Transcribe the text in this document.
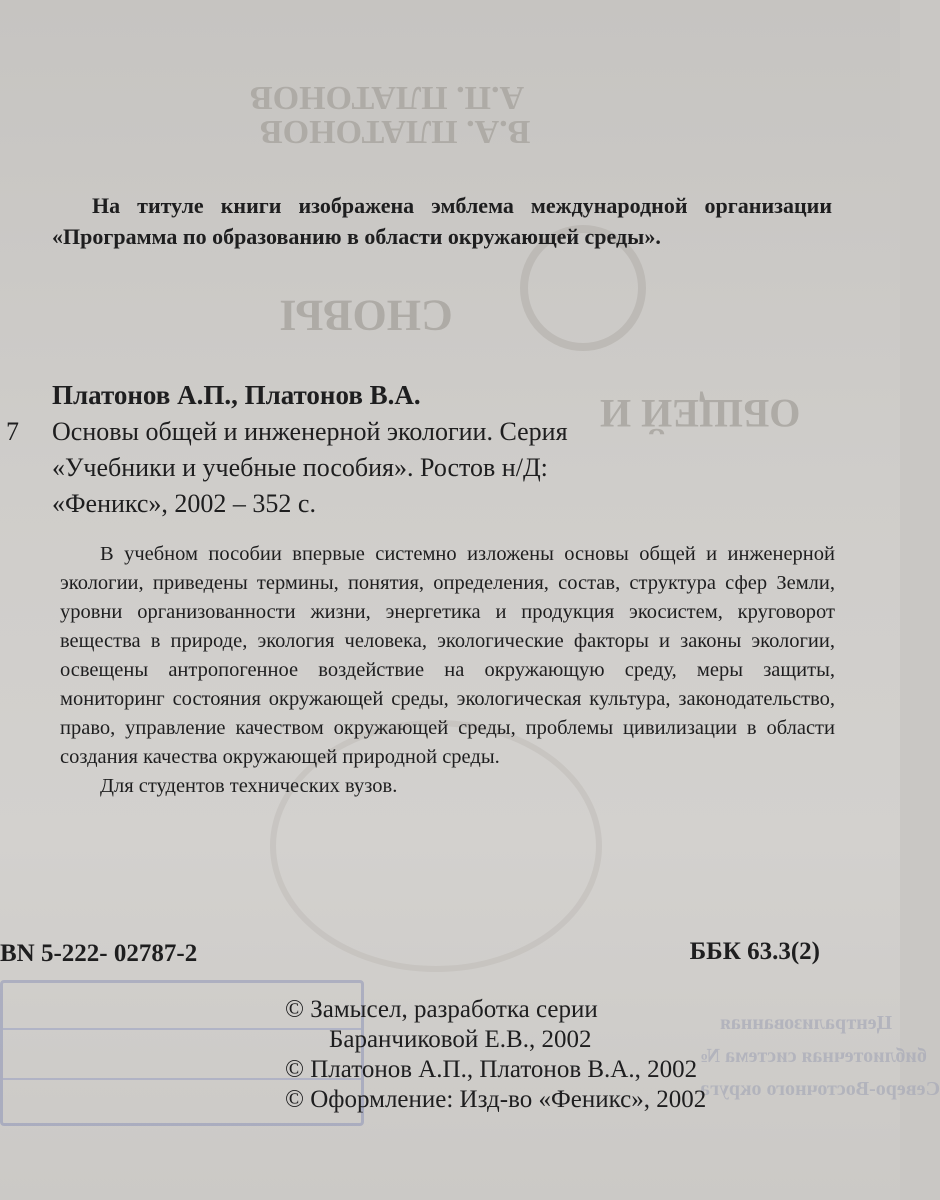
А.П. ПЛАТОНОВ
В.А. ПЛАТОНОВ
СНОВЫ
ОБЩЕЙ И
На титуле книги изображена эмблема международной организации «Программа по образованию в области окружающей среды».
Платонов А.П., Платонов В.А.
7 Основы общей и инженерной экологии. Серия
«Учебники и учебные пособия». Ростов н/Д:
«Феникс», 2002 – 352 с.

В учебном пособии впервые системно изложены основы общей и инженерной экологии, приведены термины, понятия, определения, состав, структура сфер Земли, уровни организованности жизни, энергетика и продукция экосистем, круговорот вещества в природе, экология человека, экологические факторы и законы экологии, освещены антропогенное воздействие на окружающую среду, меры защиты, мониторинг состояния окружающей среды, экологическая культура, законодательство, право, управление качеством окружающей среды, проблемы цивилизации в области создания качества окружающей природной среды.

Для студентов технических вузов.

BN 5-222- 02787-2	ББК 63.3(2)
Централизованная
библиотечная система №
Северо-Восточного округа
© Замысел, разработка серии
Баранчиковой Е.В., 2002
© Платонов А.П., Платонов В.А., 2002
© Оформление: Изд-во «Феникс», 2002
